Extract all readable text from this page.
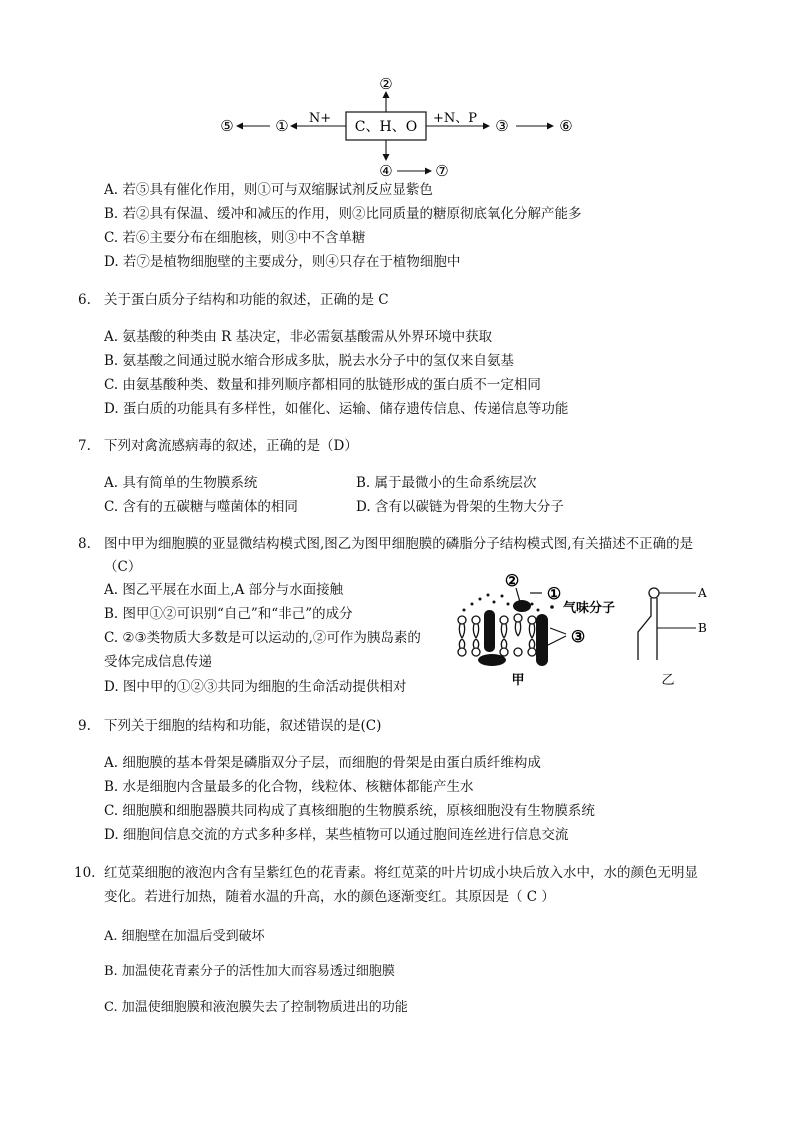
C、H、O
②
④	⑦
N+
①
⑤	+N、P ③	⑥
A. 若⑤具有催化作用，则①可与双缩脲试剂反应显紫色
B. 若②具有保温、缓冲和减压的作用，则②比同质量的糖原彻底氧化分解产能多
C. 若⑥主要分布在细胞核，则③中不含单糖
D. 若⑦是植物细胞壁的主要成分，则④只存在于植物细胞中
6. 关于蛋白质分子结构和功能的叙述，正确的是 C
A. 氨基酸的种类由 R 基决定，非必需氨基酸需从外界环境中获取
B. 氨基酸之间通过脱水缩合形成多肽，脱去水分子中的氢仅来自氨基
C. 由氨基酸种类、数量和排列顺序都相同的肽链形成的蛋白质不一定相同
D. 蛋白质的功能具有多样性，如催化、运输、储存遗传信息、传递信息等功能
7. 下列对禽流感病毒的叙述，正确的是（D）
A. 具有简单的生物膜系统	B. 属于最微小的生命系统层次
C. 含有的五碳糖与噬菌体的相同	D. 含有以碳链为骨架的生物大分子
8. 图中甲为细胞膜的亚显微结构模式图,图乙为图甲细胞膜的磷脂分子结构模式图,有关描述不正确的是
（C）
A. 图乙平展在水面上,A 部分与水面接触
B. 图甲①②可识别“自己”和“非己”的成分
C. ②③类物质大多数是可以运动的,②可作为胰岛素的
受体完成信息传递
D. 图中甲的①②③共同为细胞的生命活动提供相对
②
①
气味分子
③
甲
A
B
乙
9. 下列关于细胞的结构和功能，叙述错误的是(C)
A. 细胞膜的基本骨架是磷脂双分子层，而细胞的骨架是由蛋白质纤维构成
B. 水是细胞内含量最多的化合物，线粒体、核糖体都能产生水
C. 细胞膜和细胞器膜共同构成了真核细胞的生物膜系统，原核细胞没有生物膜系统
D. 细胞间信息交流的方式多种多样，某些植物可以通过胞间连丝进行信息交流
10. 红苋菜细胞的液泡内含有呈紫红色的花青素。将红苋菜的叶片切成小块后放入水中，水的颜色无明显
变化。若进行加热，随着水温的升高，水的颜色逐渐变红。其原因是（ C ）
A. 细胞壁在加温后受到破坏
B. 加温使花青素分子的活性加大而容易透过细胞膜
C. 加温使细胞膜和液泡膜失去了控制物质进出的功能
